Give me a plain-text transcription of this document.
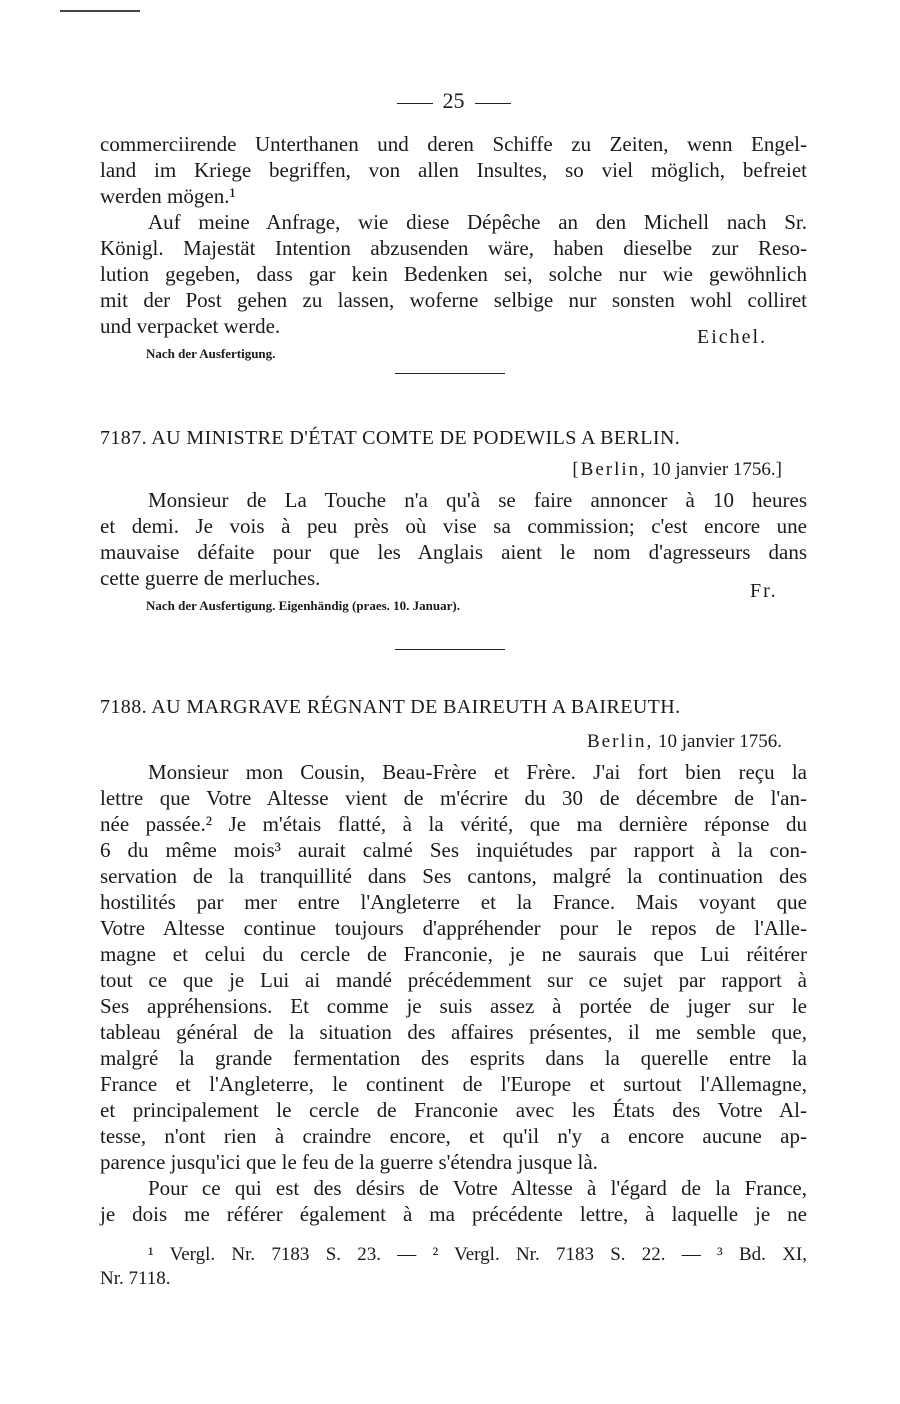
25
commerciirende Unterthanen und deren Schiffe zu Zeiten, wenn Engel-
land im Kriege begriffen, von allen Insultes, so viel möglich, befreiet
werden mögen.¹
Auf meine Anfrage, wie diese Dépêche an den Michell nach Sr.
Königl. Majestät Intention abzusenden wäre, haben dieselbe zur Reso-
lution gegeben, dass gar kein Bedenken sei, solche nur wie gewöhnlich
mit der Post gehen zu lassen, woferne selbige nur sonsten wohl colliret
und verpacket werde.	Eichel.
Nach der Ausfertigung.
7187. AU MINISTRE D'ÉTAT COMTE DE PODEWILS A BERLIN.
[Berlin, 10 janvier 1756.]
Monsieur de La Touche n'a qu'à se faire annoncer à 10 heures
et demi. Je vois à peu près où vise sa commission; c'est encore une
mauvaise défaite pour que les Anglais aient le nom d'agresseurs dans
cette guerre de merluches.
Fr.
Nach der Ausfertigung. Eigenhändig (praes. 10. Januar).
7188. AU MARGRAVE RÉGNANT DE BAIREUTH A BAIREUTH.
Berlin, 10 janvier 1756.
Monsieur mon Cousin, Beau-Frère et Frère. J'ai fort bien reçu la
lettre que Votre Altesse vient de m'écrire du 30 de décembre de l'an-
née passée.² Je m'étais flatté, à la vérité, que ma dernière réponse du
6 du même mois³ aurait calmé Ses inquiétudes par rapport à la con-
servation de la tranquillité dans Ses cantons, malgré la continuation des
hostilités par mer entre l'Angleterre et la France. Mais voyant que
Votre Altesse continue toujours d'appréhender pour le repos de l'Alle-
magne et celui du cercle de Franconie, je ne saurais que Lui réitérer
tout ce que je Lui ai mandé précédemment sur ce sujet par rapport à
Ses appréhensions. Et comme je suis assez à portée de juger sur le
tableau général de la situation des affaires présentes, il me semble que,
malgré la grande fermentation des esprits dans la querelle entre la
France et l'Angleterre, le continent de l'Europe et surtout l'Allemagne,
et principalement le cercle de Franconie avec les États des Votre Al-
tesse, n'ont rien à craindre encore, et qu'il n'y a encore aucune ap-
parence jusqu'ici que le feu de la guerre s'étendra jusque là.
Pour ce qui est des désirs de Votre Altesse à l'égard de la France,
je dois me référer également à ma précédente lettre, à laquelle je ne
¹ Vergl. Nr. 7183 S. 23. — ² Vergl. Nr. 7183 S. 22. — ³ Bd. XI,
Nr. 7118.
